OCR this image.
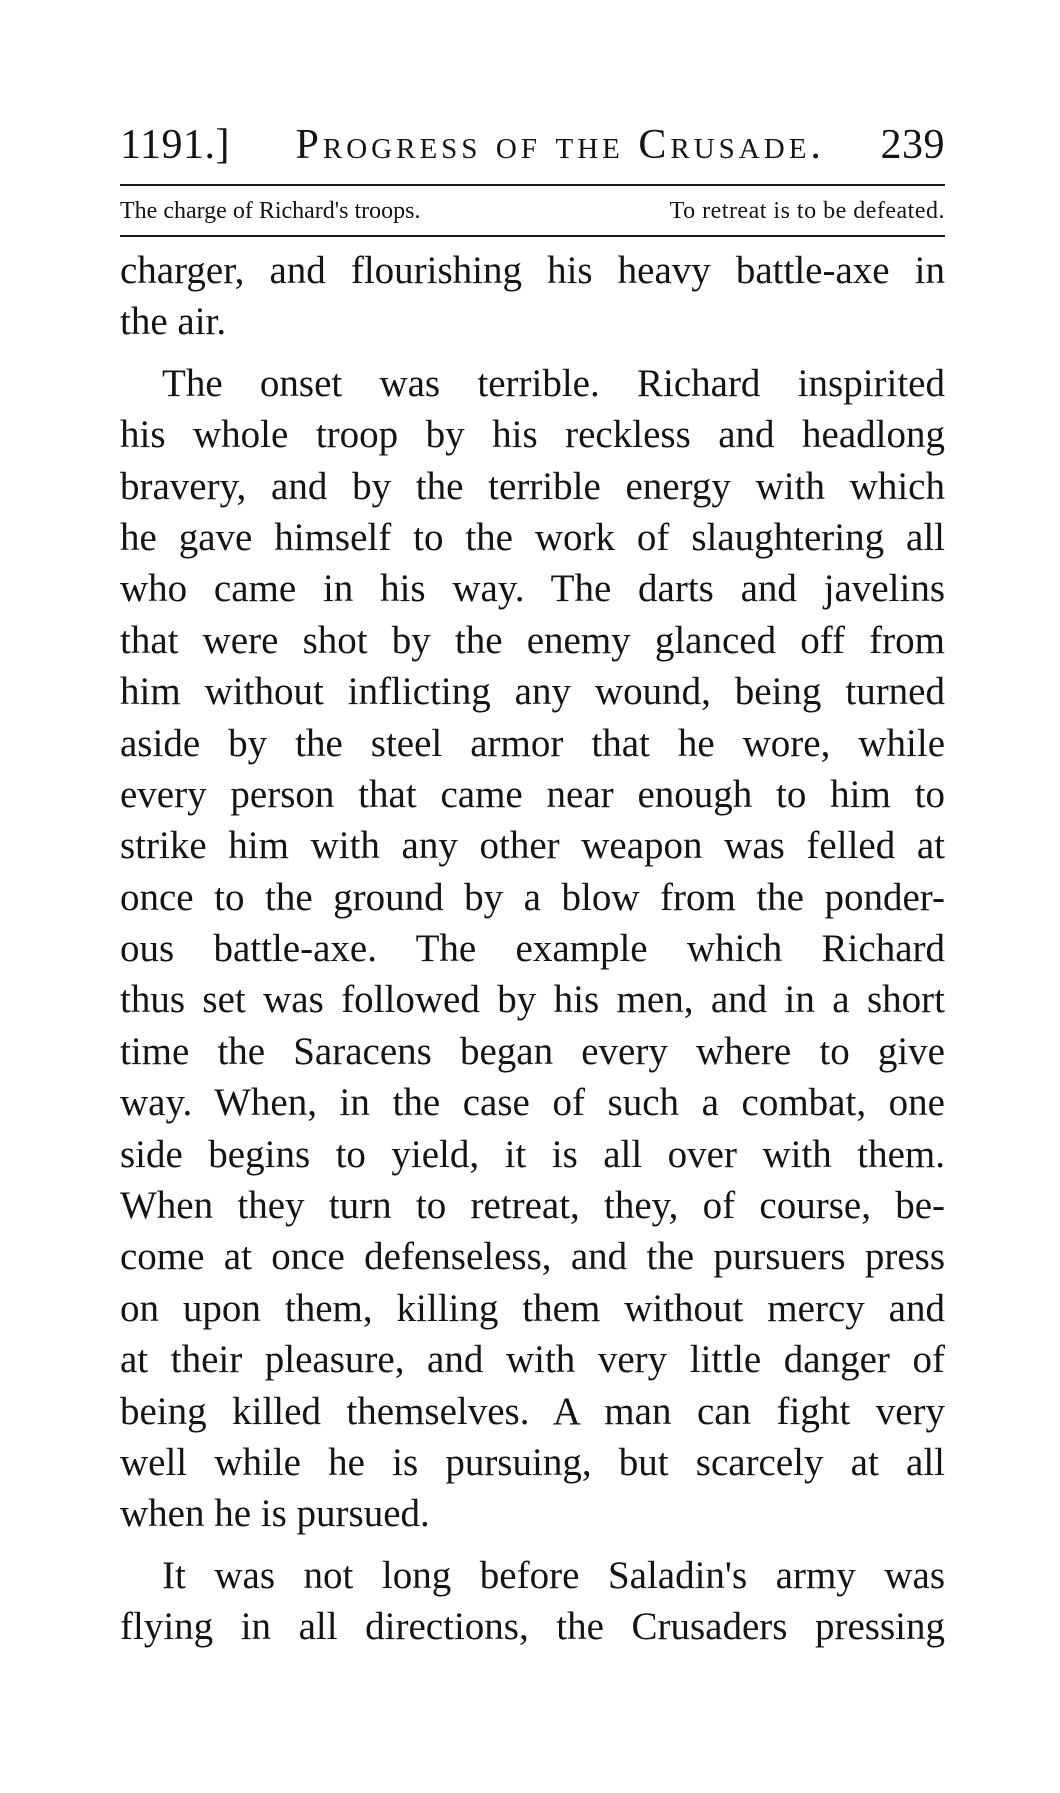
1191.] Progress of the Crusade. 239
The charge of Richard's troops.	To retreat is to be defeated.
charger, and flourishing his heavy battle-axe in
the air.
The onset was terrible. Richard inspirited
his whole troop by his reckless and headlong
bravery, and by the terrible energy with which
he gave himself to the work of slaughtering all
who came in his way. The darts and javelins
that were shot by the enemy glanced off from
him without inflicting any wound, being turned
aside by the steel armor that he wore, while
every person that came near enough to him to
strike him with any other weapon was felled at
once to the ground by a blow from the ponder-
ous battle-axe. The example which Richard
thus set was followed by his men, and in a short
time the Saracens began every where to give
way. When, in the case of such a combat, one
side begins to yield, it is all over with them.
When they turn to retreat, they, of course, be-
come at once defenseless, and the pursuers press
on upon them, killing them without mercy and
at their pleasure, and with very little danger of
being killed themselves. A man can fight very
well while he is pursuing, but scarcely at all
when he is pursued.
It was not long before Saladin's army was
flying in all directions, the Crusaders pressing
